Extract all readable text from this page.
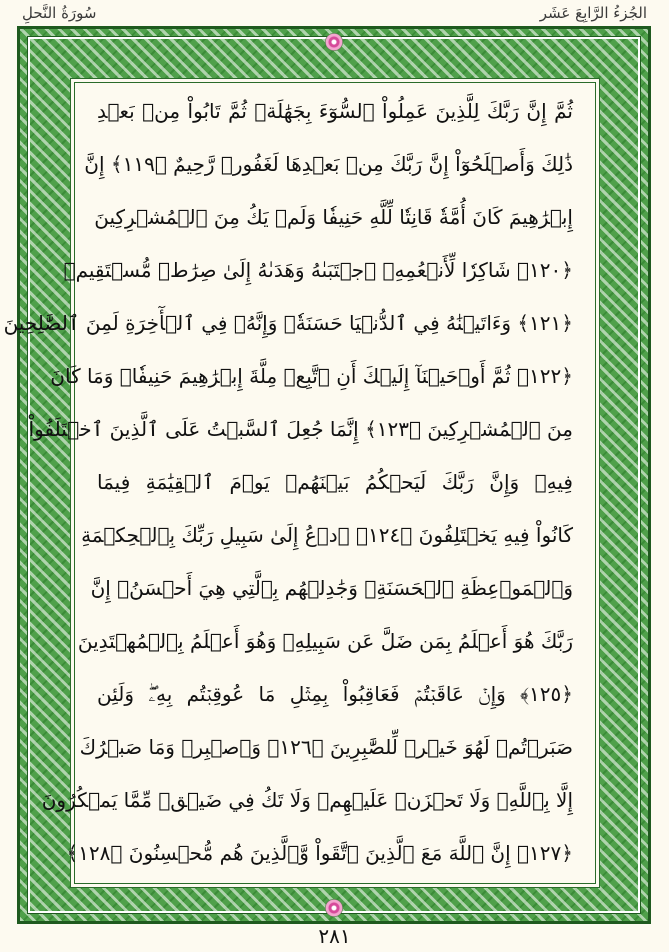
سُورَةُ النَّحلِ	الجُزءُ الرَّابِعَ عَشَر
ثُمَّ إِنَّ رَبَّكَ لِلَّذِينَ عَمِلُواْ ٱلسُّوٓءَ بِجَهَٰلَةٖ ثُمَّ تَابُواْ مِنۢ بَعۡدِ
ذَٰلِكَ وَأَصۡلَحُوٓاْ إِنَّ رَبَّكَ مِنۢ بَعۡدِهَا لَغَفُورٞ رَّحِيمٌ ﴿١١٩﴾ إِنَّ
إِبۡرَٰهِيمَ كَانَ أُمَّةٗ قَانِتٗا لِّلَّهِ حَنِيفٗا وَلَمۡ يَكُ مِنَ ٱلۡمُشۡرِكِينَ
﴿١٢٠﴾ شَاكِرٗا لِّأَنۡعُمِهِۚ ٱجۡتَبَىٰهُ وَهَدَىٰهُ إِلَىٰ صِرَٰطٖ مُّسۡتَقِيمٖ
﴿١٢١﴾ وَءَاتَيۡنَٰهُ فِي ٱلدُّنۡيَا حَسَنَةٗۖ وَإِنَّهُۥ فِي ٱلۡأٓخِرَةِ لَمِنَ ٱلصَّٰلِحِينَ
﴿١٢٢﴾ ثُمَّ أَوۡحَيۡنَآ إِلَيۡكَ أَنِ ٱتَّبِعۡ مِلَّةَ إِبۡرَٰهِيمَ حَنِيفٗاۖ وَمَا كَانَ
مِنَ ٱلۡمُشۡرِكِينَ ﴿١٢٣﴾ إِنَّمَا جُعِلَ ٱلسَّبۡتُ عَلَى ٱلَّذِينَ ٱخۡتَلَفُواْ
فِيهِۚ وَإِنَّ رَبَّكَ لَيَحۡكُمُ بَيۡنَهُمۡ يَوۡمَ ٱلۡقِيَٰمَةِ فِيمَا
كَانُواْ فِيهِ يَخۡتَلِفُونَ ﴿١٢٤﴾ ٱدۡعُ إِلَىٰ سَبِيلِ رَبِّكَ بِٱلۡحِكۡمَةِ
وَٱلۡمَوۡعِظَةِ ٱلۡحَسَنَةِۖ وَجَٰدِلۡهُم بِٱلَّتِي هِيَ أَحۡسَنُۚ إِنَّ
رَبَّكَ هُوَ أَعۡلَمُ بِمَن ضَلَّ عَن سَبِيلِهِۦ وَهُوَ أَعۡلَمُ بِٱلۡمُهۡتَدِينَ
﴿١٢٥﴾ وَإِنۡ عَاقَبۡتُمۡ فَعَاقِبُواْ بِمِثۡلِ مَا عُوقِبۡتُم بِهِۦۖ وَلَئِن
صَبَرۡتُمۡ لَهُوَ خَيۡرٞ لِّلصَّٰبِرِينَ ﴿١٢٦﴾ وَٱصۡبِرۡ وَمَا صَبۡرُكَ
إِلَّا بِٱللَّهِۚ وَلَا تَحۡزَنۡ عَلَيۡهِمۡ وَلَا تَكُ فِي ضَيۡقٖ مِّمَّا يَمۡكُرُونَ
﴿١٢٧﴾ إِنَّ ٱللَّهَ مَعَ ٱلَّذِينَ ٱتَّقَواْ وَّٱلَّذِينَ هُم مُّحۡسِنُونَ ﴿١٢٨﴾
٢٨١
